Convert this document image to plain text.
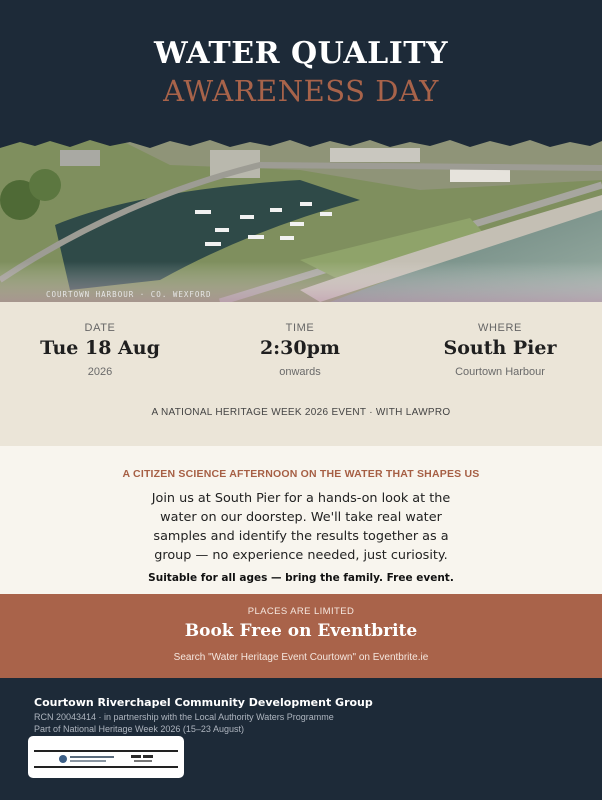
WATER QUALITY
AWARENESS DAY
COURTOWN HARBOUR · CO. WEXFORD
DATE
Tue 18 Aug
2026
TIME
2:30pm
onwards
WHERE
South Pier
Courtown Harbour
A NATIONAL HERITAGE WEEK 2026 EVENT · WITH LAWPRO
A CITIZEN SCIENCE AFTERNOON ON THE WATER THAT SHAPES US
Join us at South Pier for a hands-on look at the water on our doorstep. We'll take real water samples and identify the results together as a group — no experience needed, just curiosity.
Suitable for all ages — bring the family. Free event.
PLACES ARE LIMITED
Book Free on Eventbrite
Search "Water Heritage Event Courtown" on Eventbrite.ie
Courtown Riverchapel Community Development Group
RCN 20043414 · in partnership with the Local Authority Waters Programme
Part of National Heritage Week 2026 (15–23 August)
